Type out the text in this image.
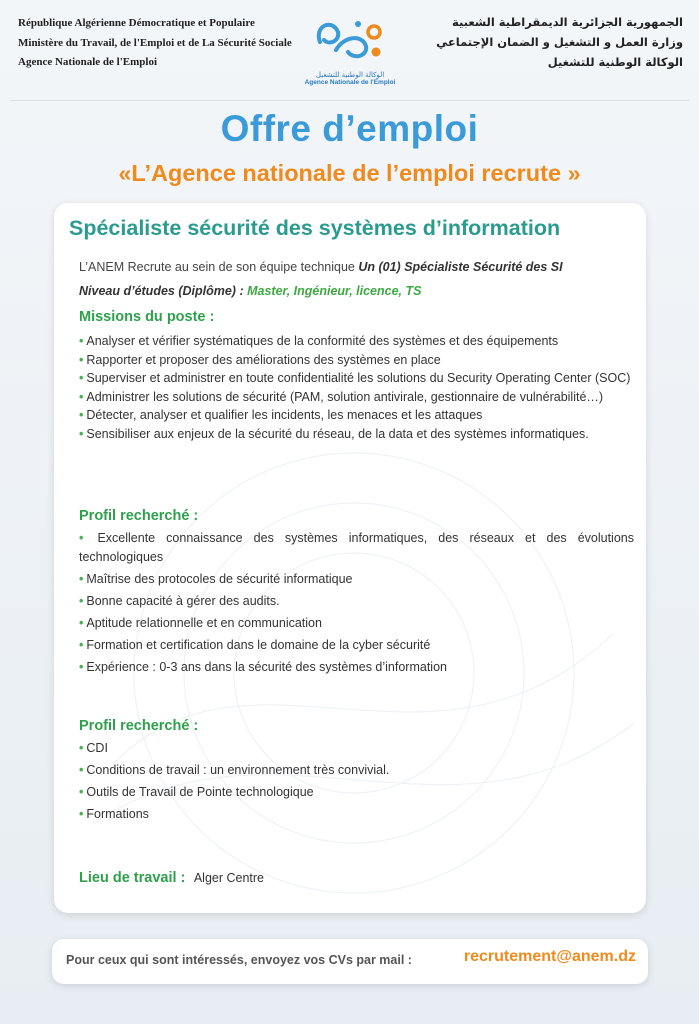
République Algérienne Démocratique et Populaire
Ministère du Travail, de l'Emploi et de La Sécurité Sociale
Agence Nationale de l'Emploi
الوكالة الوطنية للتشغيل
Agence Nationale de l'Emploi
الجمهورية الجزائرية الديمقراطية الشعبية
وزارة العمل و التشغيل و الضمان الإجتماعي
الوكالة الوطنية للتشغيل
Offre d’emploi
«L’Agence nationale de l’emploi recrute »
Spécialiste sécurité des systèmes d’information
L’ANEM Recrute au sein de son équipe technique Un (01) Spécialiste Sécurité des SI
Niveau d’études (Diplôme) : Master, Ingénieur, licence, TS
Missions du poste :
• Analyser et vérifier systématiques de la conformité des systèmes et des équipements
• Rapporter et proposer des améliorations des systèmes en place
• Superviser et administrer en toute confidentialité les solutions du Security Operating Center (SOC)
• Administrer les solutions de sécurité (PAM, solution antivirale, gestionnaire de vulnérabilité…)
• Détecter, analyser et qualifier les incidents, les menaces et les attaques
• Sensibiliser aux enjeux de la sécurité du réseau, de la data et des systèmes informatiques.
Profil recherché :
• Excellente connaissance des systèmes informatiques, des réseaux et des évolutions technologiques
• Maîtrise des protocoles de sécurité informatique
• Bonne capacité à gérer des audits.
• Aptitude relationnelle et en communication
• Formation et certification dans le domaine de la cyber sécurité
• Expérience : 0-3 ans dans la sécurité des systèmes d’information
Profil recherché :
• CDI
• Conditions de travail : un environnement très convivial.
• Outils de Travail de Pointe technologique
• Formations
Lieu de travail : Alger Centre
Pour ceux qui sont intéressés, envoyez vos CVs par mail :	recrutement@anem.dz
